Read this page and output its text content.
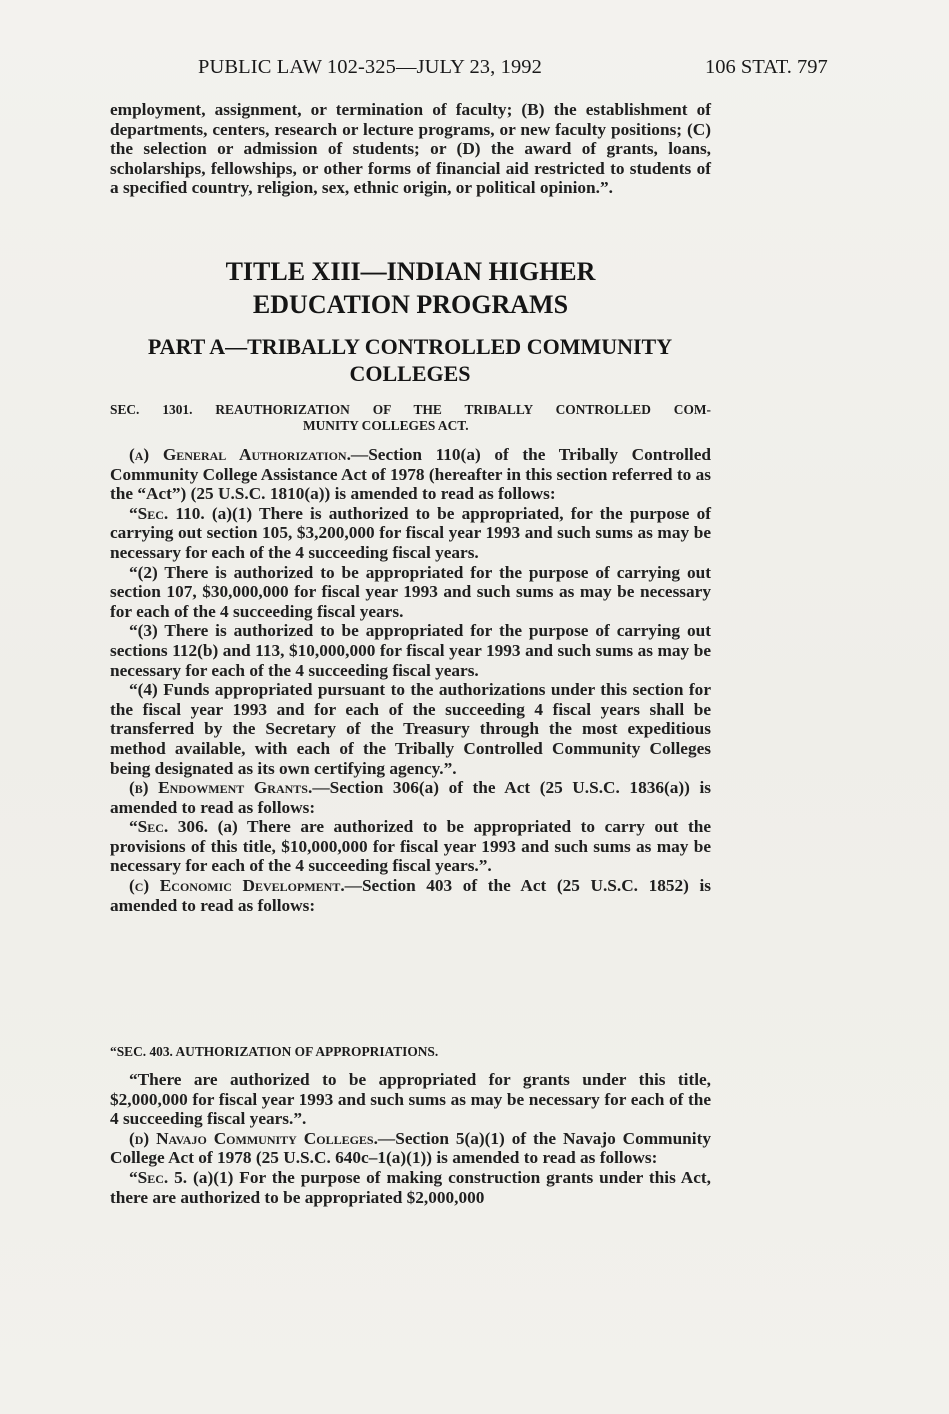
PUBLIC LAW 102-325—JULY 23, 1992	106 STAT. 797

employment, assignment, or termination of faculty; (B) the establishment of departments, centers, research or lecture programs, or new faculty positions; (C) the selection or admission of students; or (D) the award of grants, loans, scholarships, fellowships, or other forms of financial aid restricted to students of a specified country, religion, sex, ethnic origin, or political opinion.”.

TITLE XIII—INDIAN HIGHER
EDUCATION PROGRAMS
PART A—TRIBALLY CONTROLLED COMMUNITY
COLLEGES
SEC. 1301. REAUTHORIZATION OF THE TRIBALLY CONTROLLED COM-
MUNITY COLLEGES ACT.

(a) General Authorization.—Section 110(a) of the Tribally Controlled Community College Assistance Act of 1978 (hereafter in this section referred to as the “Act”) (25 U.S.C. 1810(a)) is amended to read as follows:

“Sec. 110. (a)(1) There is authorized to be appropriated, for the purpose of carrying out section 105, $3,200,000 for fiscal year 1993 and such sums as may be necessary for each of the 4 succeeding fiscal years.

“(2) There is authorized to be appropriated for the purpose of carrying out section 107, $30,000,000 for fiscal year 1993 and such sums as may be necessary for each of the 4 succeeding fiscal years.

“(3) There is authorized to be appropriated for the purpose of carrying out sections 112(b) and 113, $10,000,000 for fiscal year 1993 and such sums as may be necessary for each of the 4 succeeding fiscal years.

“(4) Funds appropriated pursuant to the authorizations under this section for the fiscal year 1993 and for each of the succeeding 4 fiscal years shall be transferred by the Secretary of the Treasury through the most expeditious method available, with each of the Tribally Controlled Community Colleges being designated as its own certifying agency.”.

(b) Endowment Grants.—Section 306(a) of the Act (25 U.S.C. 1836(a)) is amended to read as follows:

“Sec. 306. (a) There are authorized to be appropriated to carry out the provisions of this title, $10,000,000 for fiscal year 1993 and such sums as may be necessary for each of the 4 succeeding fiscal years.”.

(c) Economic Development.—Section 403 of the Act (25 U.S.C. 1852) is amended to read as follows:

“SEC. 403. AUTHORIZATION OF APPROPRIATIONS.

“There are authorized to be appropriated for grants under this title, $2,000,000 for fiscal year 1993 and such sums as may be necessary for each of the 4 succeeding fiscal years.”.

(d) Navajo Community Colleges.—Section 5(a)(1) of the Navajo Community College Act of 1978 (25 U.S.C. 640c–1(a)(1)) is amended to read as follows:

“Sec. 5. (a)(1) For the purpose of making construction grants under this Act, there are authorized to be appropriated $2,000,000
